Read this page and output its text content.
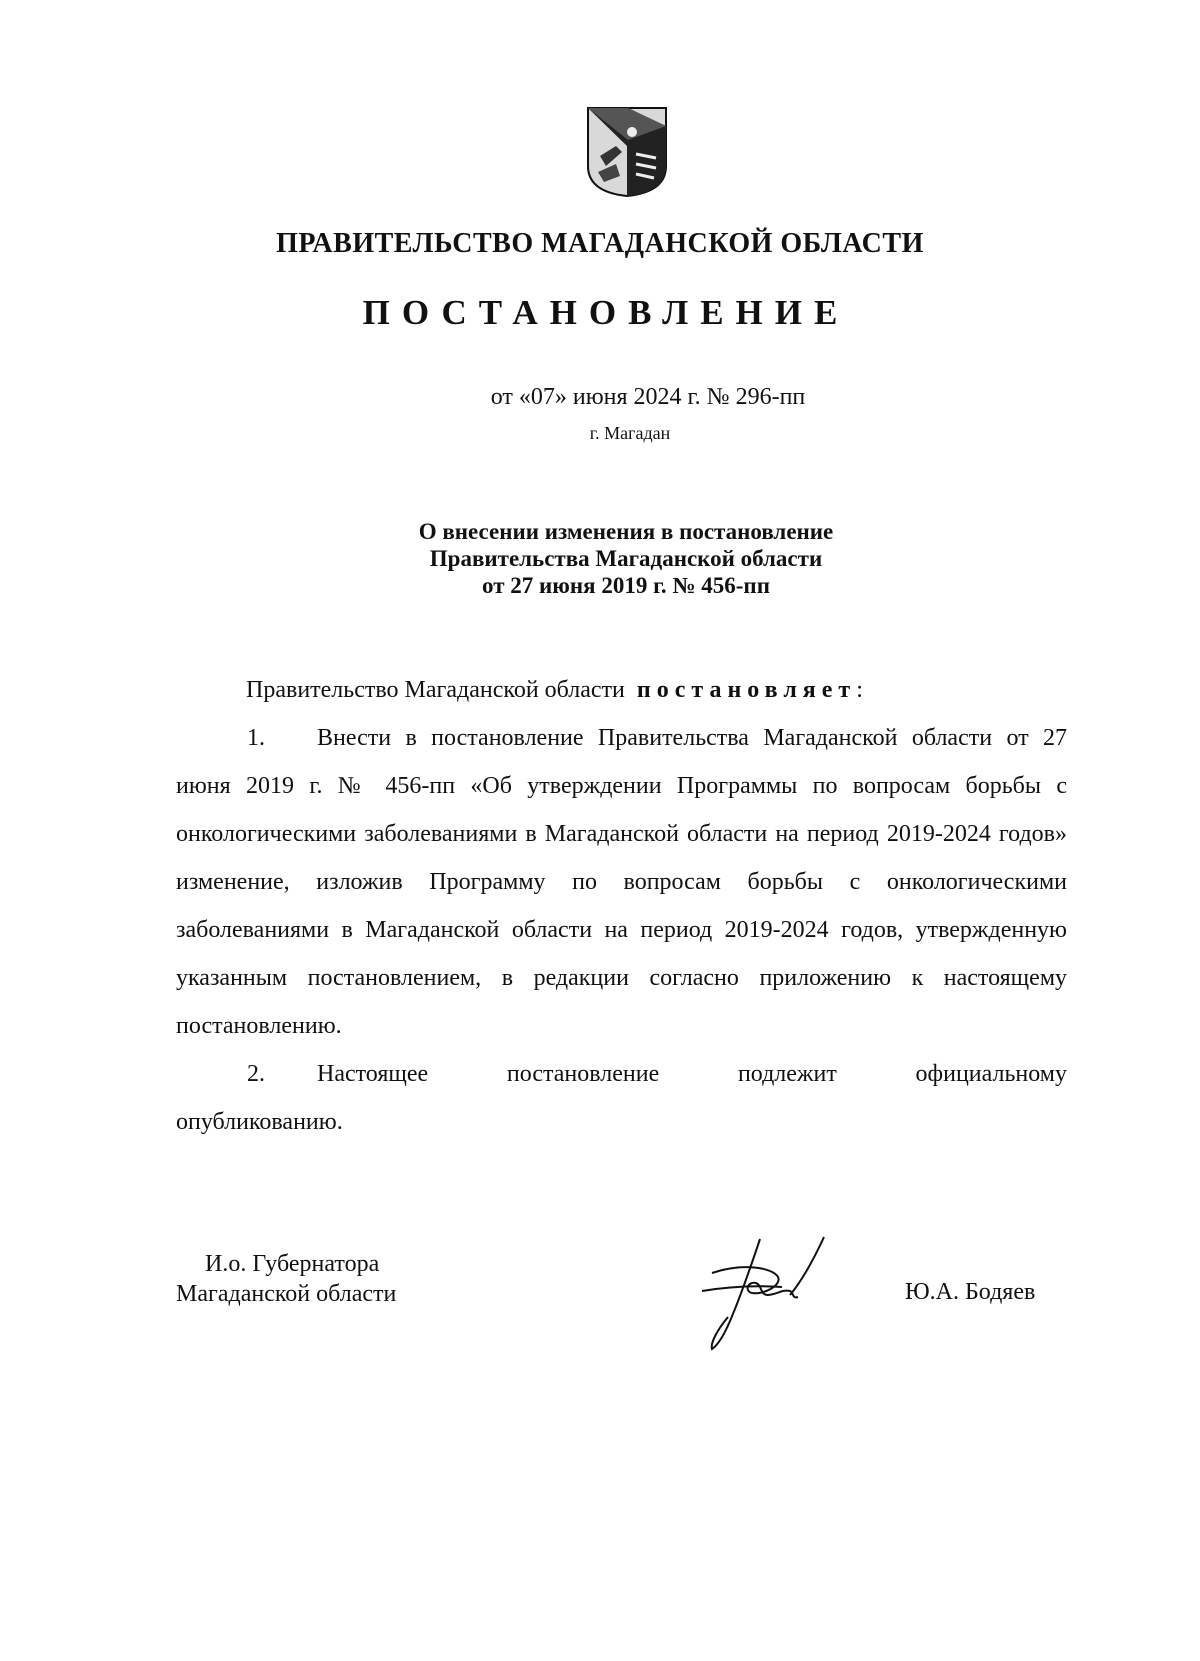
ПРАВИТЕЛЬСТВО МАГАДАНСКОЙ ОБЛАСТИ
ПОСТАНОВЛЕНИЕ
от «07» июня 2024 г. № 296-пп
г. Магадан
О внесении изменения в постановление
Правительства Магаданской области
от 27 июня 2019 г. № 456-пп

Правительство Магаданской области постановляет:

1. Внести в постановление Правительства Магаданской области от 27 июня 2019 г. № 456-пп «Об утверждении Программы по вопросам борьбы с онкологическими заболеваниями в Магаданской области на период 2019-2024 годов» изменение, изложив Программу по вопросам борьбы с онкологическими заболеваниями в Магаданской области на период 2019-2024 годов, утвержденную указанным постановлением, в редакции согласно приложению к настоящему постановлению.

2. Настоящее постановление подлежит официальному

опубликованию.

И.о. Губернатора
Магаданской области	Ю.А. Бодяев
